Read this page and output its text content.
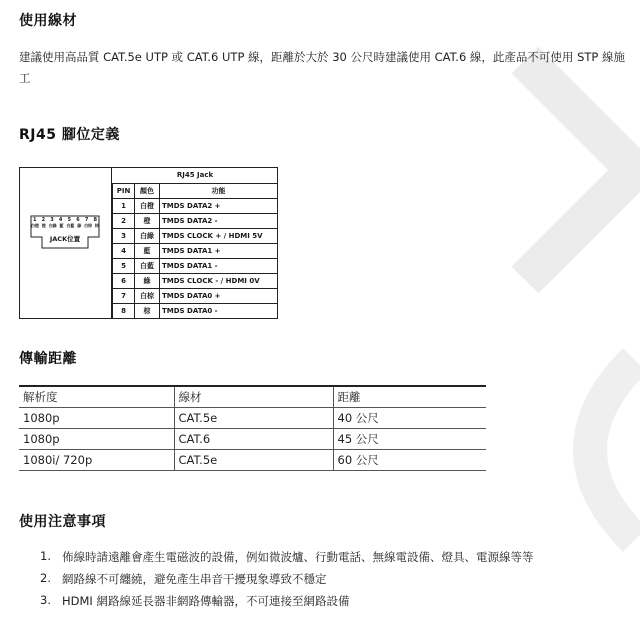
使用線材

建議使用高品質 CAT.5e UTP 或 CAT.6 UTP 線，距離於大於 30 公尺時建議使用 CAT.6 線，此產品不可使用 STP 線施工

RJ45 腳位定義
1 2 3 4 5 6 7 8
白橙 橙 白綠 藍 白藍 綠 白棕 棕
JACK位置
RJ45 Jack		
PIN	顏色	功能
1	白橙	TMDS DATA2 +
2	橙	TMDS DATA2 -
3	白綠	TMDS CLOCK + / HDMI 5V
4	藍	TMDS DATA1 +
5	白藍	TMDS DATA1 -
6	綠	TMDS CLOCK - / HDMI 0V
7	白棕	TMDS DATA0 +
8	棕	TMDS DATA0 -
傳輸距離
解析度	線材	距離
1080p	CAT.5e	40 公尺
1080p	CAT.6	45 公尺
1080i/ 720p	CAT.5e	60 公尺
使用注意事項
1. 佈線時請遠離會產生電磁波的設備，例如微波爐、行動電話、無線電設備、燈具、電源線等等
2. 網路線不可纏繞，避免產生串音干擾現象導致不穩定
3. HDMI 網路線延長器非網路傳輸器，不可連接至網路設備
